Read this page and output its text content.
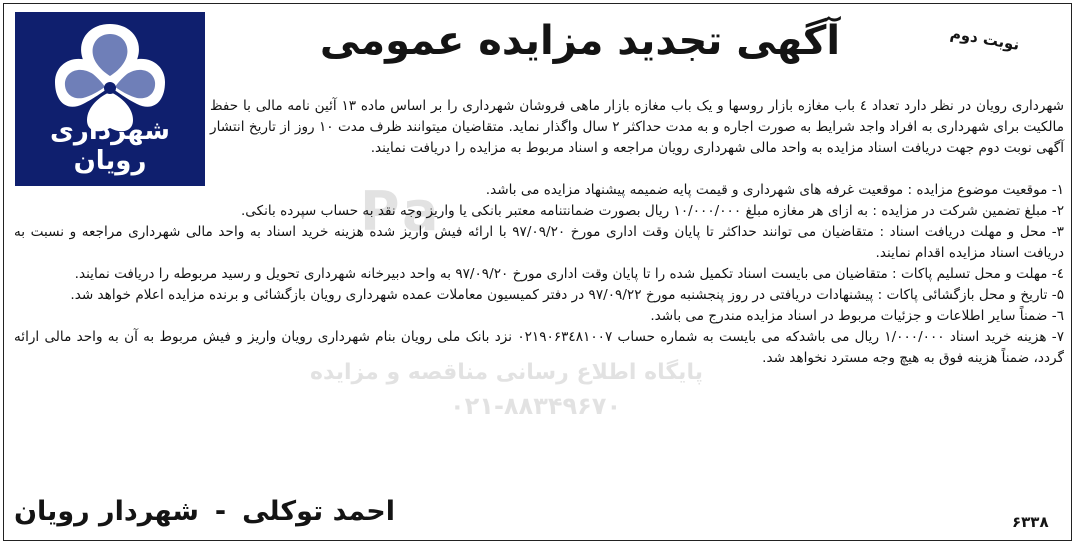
شهرداری رویان
نوبت دوم
آگهی تجدید مزایده عمومی
Pa
پایگاه اطلاع رسانی مناقصه و مزایده
۰۲۱-۸۸۳۴۹۶۷۰
شهرداری رویان در نظر دارد تعداد ٤ باب مغازه بازار روسها و یک باب مغازه بازار ماهی فروشان شهرداری را بر اساس ماده ۱۳ آئین نامه مالی با حفظ مالکیت برای شهرداری به افراد واجد شرایط به صورت اجاره و به مدت حداکثر ۲ سال واگذار نماید. متقاضیان میتوانند ظرف مدت ۱۰ روز از تاریخ انتشار آگهی نوبت دوم جهت دریافت اسناد مزایده به واحد مالی شهرداری رویان مراجعه و اسناد مربوط به مزایده را دریافت نمایند.

۱- موقعیت موضوع مزایده : موقعیت غرفه های شهرداری و قیمت پایه ضمیمه پیشنهاد مزایده می باشد.

۲- مبلغ تضمین شرکت در مزایده : به ازای هر مغازه مبلغ ۱۰/۰۰۰/۰۰۰ ریال بصورت ضمانتنامه معتبر بانکی یا واریز وجه نقد به حساب سپرده بانکی.

۳- محل و مهلت دریافت اسناد : متقاضیان می توانند حداکثر تا پایان وقت اداری مورخ ۹۷/۰۹/۲۰ با ارائه فیش واریز شده هزینه خرید اسناد به واحد مالی شهرداری مراجعه و نسبت به دریافت اسناد مزایده اقدام نمایند.

٤- مهلت و محل تسلیم پاکات : متقاضیان می بایست اسناد تکمیل شده را تا پایان وقت اداری مورخ ۹۷/۰۹/۲۰ به واحد دبیرخانه شهرداری تحویل و رسید مربوطه را دریافت نمایند.

۵- تاریخ و محل بازگشائی پاکات : پیشنهادات دریافتی در روز پنجشنبه مورخ ۹۷/۰۹/۲۲ در دفتر کمیسیون معاملات عمده شهرداری رویان بازگشائی و برنده مزایده اعلام خواهد شد.

٦- ضمناً سایر اطلاعات و جزئیات مربوط در اسناد مزایده مندرج می باشد.

۷- هزینه خرید اسناد ۱/۰۰۰/۰۰۰ ریال می باشدکه می بایست به شماره حساب ۰۲۱۹۰۶۳٤۸۱۰۰۷ نزد بانک ملی رویان بنام شهرداری رویان واریز و فیش مربوط به آن به واحد مالی ارائه گردد، ضمناً هزینه فوق به هیچ وجه مسترد نخواهد شد.

احمد توکلی-شهردار رویان	۶۳۳۸
